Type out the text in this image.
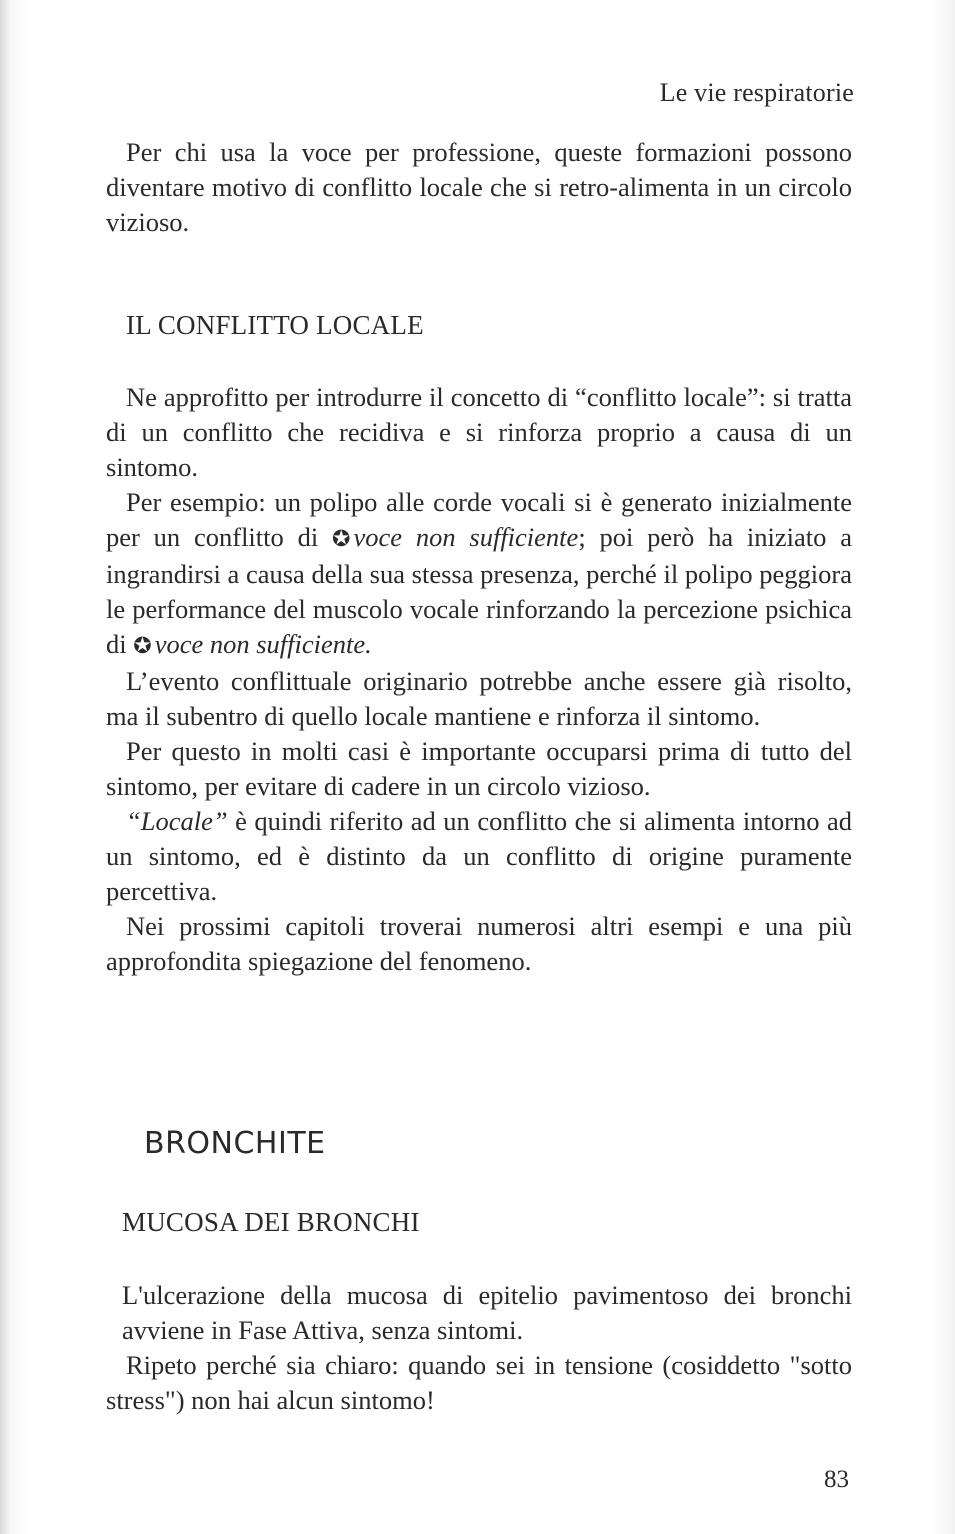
Le vie respiratorie

Per chi usa la voce per professione, queste formazioni possono diventare motivo di conflitto locale che si retro-alimenta in un circolo vizioso.

IL CONFLITTO LOCALE

Ne approfitto per introdurre il concetto di “conflitto locale”: si tratta di un conflitto che recidiva e si rinforza proprio a causa di un sintomo.

Per esempio: un polipo alle corde vocali si è generato inizialmente per un conflitto di ✪ voce non sufficiente; poi però ha iniziato a ingrandirsi a causa della sua stessa presenza, perché il polipo peggiora le performance del muscolo vocale rinforzando la percezione psichica di ✪ voce non sufficiente.

L’evento conflittuale originario potrebbe anche essere già risolto, ma il subentro di quello locale mantiene e rinforza il sintomo.

Per questo in molti casi è importante occuparsi prima di tutto del sintomo, per evitare di cadere in un circolo vizioso.

“Locale” è quindi riferito ad un conflitto che si alimenta intorno ad un sintomo, ed è distinto da un conflitto di origine puramente percettiva.

Nei prossimi capitoli troverai numerosi altri esempi e una più approfondita spiegazione del fenomeno.

BRONCHITE
MUCOSA DEI BRONCHI

L'ulcerazione della mucosa di epitelio pavimentoso dei bronchi avviene in Fase Attiva, senza sintomi.

Ripeto perché sia chiaro: quando sei in tensione (cosiddetto "sotto stress") non hai alcun sintomo!

83
